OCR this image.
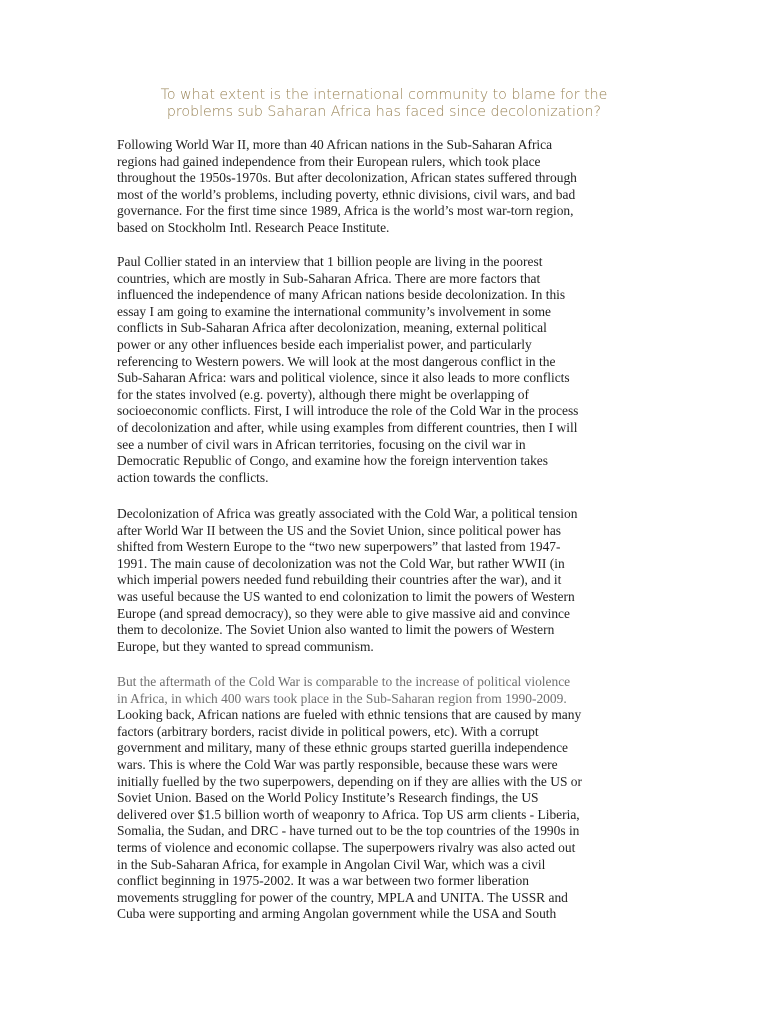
To what extent is the international community to blame for the
problems sub Saharan Africa has faced since decolonization?

Following World War II, more than 40 African nations in the Sub-Saharan Africa
regions had gained independence from their European rulers, which took place
throughout the 1950s-1970s. But after decolonization, African states suffered through
most of the world’s problems, including poverty, ethnic divisions, civil wars, and bad
governance. For the first time since 1989, Africa is the world’s most war-torn region,
based on Stockholm Intl. Research Peace Institute.

Paul Collier stated in an interview that 1 billion people are living in the poorest
countries, which are mostly in Sub-Saharan Africa. There are more factors that
influenced the independence of many African nations beside decolonization. In this
essay I am going to examine the international community’s involvement in some
conflicts in Sub-Saharan Africa after decolonization, meaning, external political
power or any other influences beside each imperialist power, and particularly
referencing to Western powers. We will look at the most dangerous conflict in the
Sub-Saharan Africa: wars and political violence, since it also leads to more conflicts
for the states involved (e.g. poverty), although there might be overlapping of
socioeconomic conflicts. First, I will introduce the role of the Cold War in the process
of decolonization and after, while using examples from different countries, then I will
see a number of civil wars in African territories, focusing on the civil war in
Democratic Republic of Congo, and examine how the foreign intervention takes
action towards the conflicts.

Decolonization of Africa was greatly associated with the Cold War, a political tension
after World War II between the US and the Soviet Union, since political power has
shifted from Western Europe to the “two new superpowers” that lasted from 1947-
1991. The main cause of decolonization was not the Cold War, but rather WWII (in
which imperial powers needed fund rebuilding their countries after the war), and it
was useful because the US wanted to end colonization to limit the powers of Western
Europe (and spread democracy), so they were able to give massive aid and convince
them to decolonize. The Soviet Union also wanted to limit the powers of Western
Europe, but they wanted to spread communism.

But the aftermath of the Cold War is comparable to the increase of political violence
in Africa, in which 400 wars took place in the Sub-Saharan region from 1990-2009.
Looking back, African nations are fueled with ethnic tensions that are caused by many
factors (arbitrary borders, racist divide in political powers, etc). With a corrupt
government and military, many of these ethnic groups started guerilla independence
wars. This is where the Cold War was partly responsible, because these wars were
initially fuelled by the two superpowers, depending on if they are allies with the US or
Soviet Union. Based on the World Policy Institute’s Research findings, the US
delivered over $1.5 billion worth of weaponry to Africa. Top US arm clients - Liberia,
Somalia, the Sudan, and DRC - have turned out to be the top countries of the 1990s in
terms of violence and economic collapse. The superpowers rivalry was also acted out
in the Sub-Saharan Africa, for example in Angolan Civil War, which was a civil
conflict beginning in 1975-2002. It was a war between two former liberation
movements struggling for power of the country, MPLA and UNITA. The USSR and
Cuba were supporting and arming Angolan government while the USA and South
